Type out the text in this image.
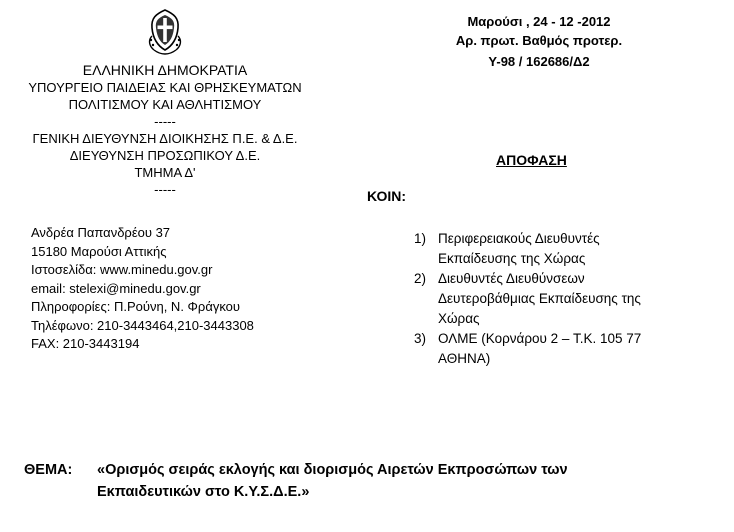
ΕΛΛΗΝΙΚΗ ΔΗΜΟΚΡΑΤΙΑ
ΥΠΟΥΡΓΕΙΟ ΠΑΙΔΕΙΑΣ ΚΑΙ ΘΡΗΣΚΕΥΜΑΤΩΝ
ΠΟΛΙΤΙΣΜΟΥ ΚΑΙ ΑΘΛΗΤΙΣΜΟΥ
-----
ΓΕΝΙΚΗ ΔΙΕΥΘΥΝΣΗ ΔΙΟΙΚΗΣΗΣ Π.Ε. & Δ.Ε.
ΔΙΕΥΘΥΝΣΗ ΠΡΟΣΩΠΙΚΟΥ Δ.Ε.
ΤΜΗΜΑ Δ'
-----
Ανδρέα Παπανδρέου 37
15180 Μαρούσι Αττικής
Ιστοσελίδα: www.minedu.gov.gr
email: stelexi@minedu.gov.gr
Πληροφορίες: Π.Ρούνη, Ν. Φράγκου
Τηλέφωνο: 210-3443464,210-3443308
FAX: 210-3443194
Μαρούσι , 24 - 12 -2012
Αρ. πρωτ. Βαθμός προτερ.
Υ-98 / 162686/Δ2
ΑΠΟΦΑΣΗ
ΚΟΙΝ:
1) Περιφερειακούς Διευθυντές
Εκπαίδευσης της Χώρας
2) Διευθυντές Διευθύνσεων
Δευτεροβάθμιας Εκπαίδευσης της
Χώρας
3) ΟΛΜΕ (Κορνάρου 2 – Τ.Κ. 105 77
ΑΘΗΝΑ)
ΘΕΜΑ: «Ορισμός σειράς εκλογής και διορισμός Αιρετών Εκπροσώπων των
Εκπαιδευτικών στο Κ.Υ.Σ.Δ.Ε.»
